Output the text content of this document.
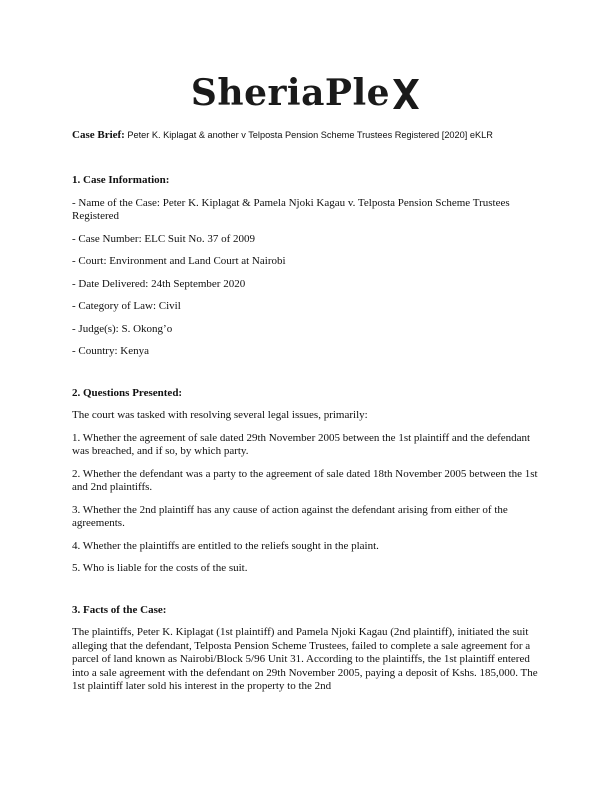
SheriaPle
Case Brief: Peter K. Kiplagat & another v Telposta Pension Scheme Trustees Registered [2020] eKLR

1. Case Information:

- Name of the Case: Peter K. Kiplagat & Pamela Njoki Kagau v. Telposta Pension Scheme Trustees Registered

- Case Number: ELC Suit No. 37 of 2009

- Court: Environment and Land Court at Nairobi

- Date Delivered: 24th September 2020

- Category of Law: Civil

- Judge(s): S. Okong’o

- Country: Kenya

2. Questions Presented:

The court was tasked with resolving several legal issues, primarily:

1. Whether the agreement of sale dated 29th November 2005 between the 1st plaintiff and the defendant was breached, and if so, by which party.

2. Whether the defendant was a party to the agreement of sale dated 18th November 2005 between the 1st and 2nd plaintiffs.

3. Whether the 2nd plaintiff has any cause of action against the defendant arising from either of the agreements.

4. Whether the plaintiffs are entitled to the reliefs sought in the plaint.

5. Who is liable for the costs of the suit.

3. Facts of the Case:

The plaintiffs, Peter K. Kiplagat (1st plaintiff) and Pamela Njoki Kagau (2nd plaintiff), initiated the suit alleging that the defendant, Telposta Pension Scheme Trustees, failed to complete a sale agreement for a parcel of land known as Nairobi/Block 5/96 Unit 31. According to the plaintiffs, the 1st plaintiff entered into a sale agreement with the defendant on 29th November 2005, paying a deposit of Kshs. 185,000. The 1st plaintiff later sold his interest in the property to the 2nd
